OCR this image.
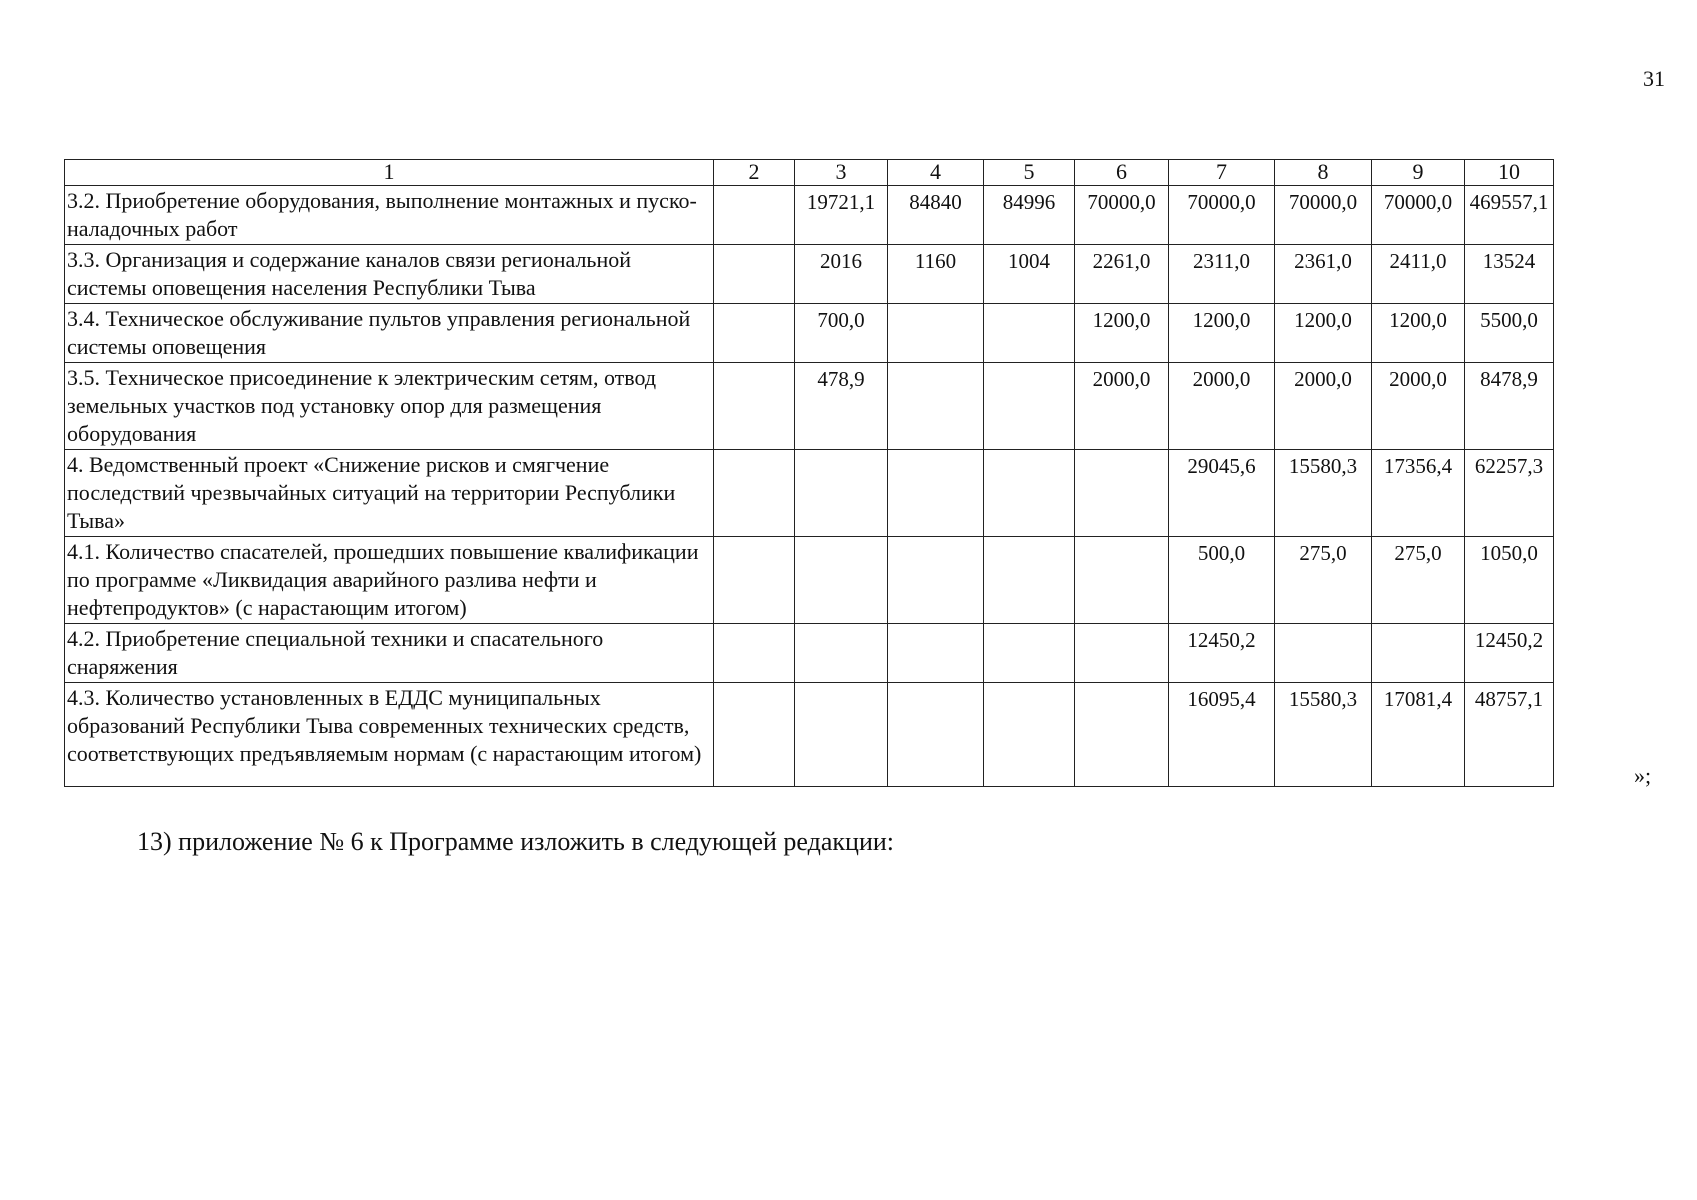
31
1	2	3	4	5	6	7	8	9	10
3.2. Приобретение оборудования, выполнение монтажных и пуско-наладочных работ		19721,1	84840	84996	70000,0	70000,0	70000,0	70000,0	469557,1
3.3. Организация и содержание каналов связи региональной системы оповещения населения Республики Тыва		2016	1160	1004	2261,0	2311,0	2361,0	2411,0	13524
3.4. Техническое обслуживание пультов управления региональной системы оповещения		700,0			1200,0	1200,0	1200,0	1200,0	5500,0
3.5. Техническое присоединение к электрическим сетям, отвод земельных участков под установку опор для размещения оборудования		478,9			2000,0	2000,0	2000,0	2000,0	8478,9
4. Ведомственный проект «Снижение рисков и смягчение последствий чрезвычайных ситуаций на территории Республики Тыва»						29045,6	15580,3	17356,4	62257,3
4.1. Количество спасателей, прошедших повышение квалификации по программе «Ликвидация аварийного разлива нефти и нефтепродуктов» (с нарастающим итогом)						500,0	275,0	275,0	1050,0
4.2. Приобретение специальной техники и спасательного снаряжения						12450,2			12450,2
4.3. Количество установленных в ЕДДС муниципальных образований Республики Тыва современных технических средств, соответствующих предъявляемым нормам (с нарастающим итогом)						16095,4	15580,3	17081,4	48757,1
»;
13) приложение № 6 к Программе изложить в следующей редакции:
